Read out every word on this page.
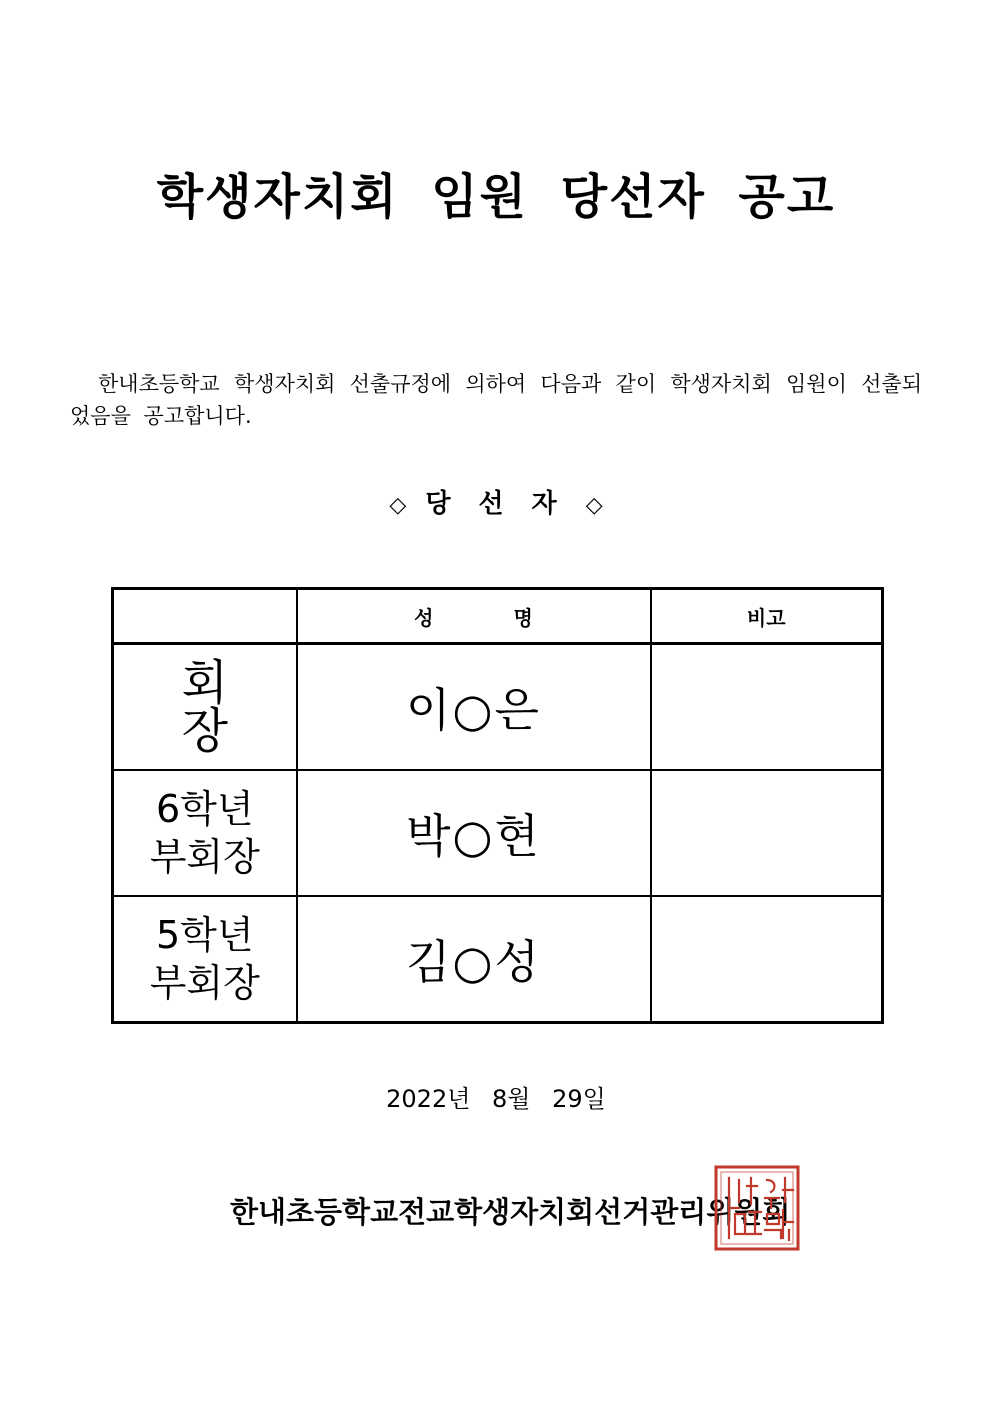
학생자치회 임원 당선자 공고

한내초등학교 학생자치회 선출규정에 의하여 다음과 같이 학생자치회 임원이 선출되었음을 공고합니다.

◇ 당선자 ◇
	성명	비고

회장	이○은	

6학년
부회장	박○현	

5학년
부회장	김○성	
2022년 8월 29일
한내초등학교전교학생자치회선거관리위원회
